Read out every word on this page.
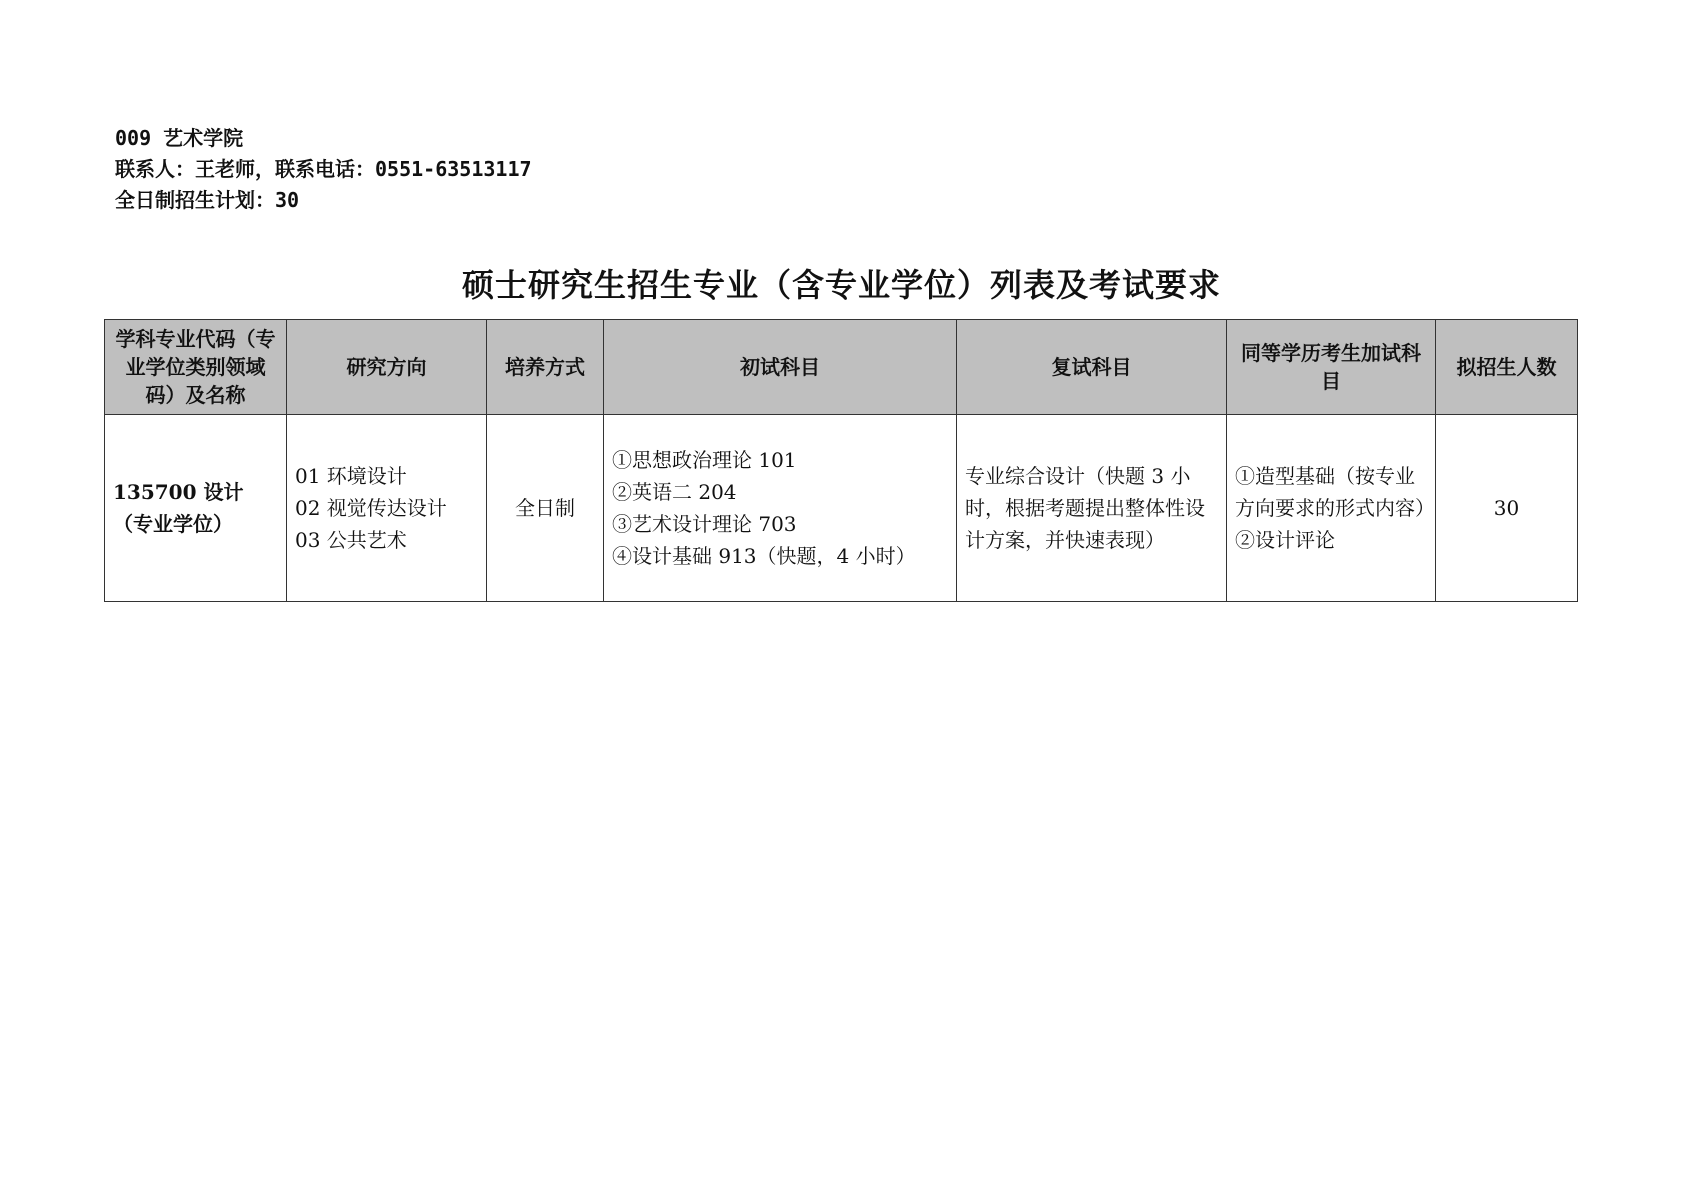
009 艺术学院
联系人：王老师，联系电话：0551-63513117
全日制招生计划：30
硕士研究生招生专业（含专业学位）列表及考试要求
学科专业代码（专业学位类别领域码）及名称	研究方向	培养方式	初试科目	复试科目	同等学历考生加试科目	拟招生人数
135700 设计（专业学位）	01 环境设计
02 视觉传达设计
03 公共艺术	全日制	①思想政治理论 101
②英语二 204
③艺术设计理论 703
④设计基础 913（快题，4 小时）	专业综合设计（快题 3 小时，根据考题提出整体性设计方案，并快速表现）	①造型基础（按专业方向要求的形式内容）
②设计评论	30
